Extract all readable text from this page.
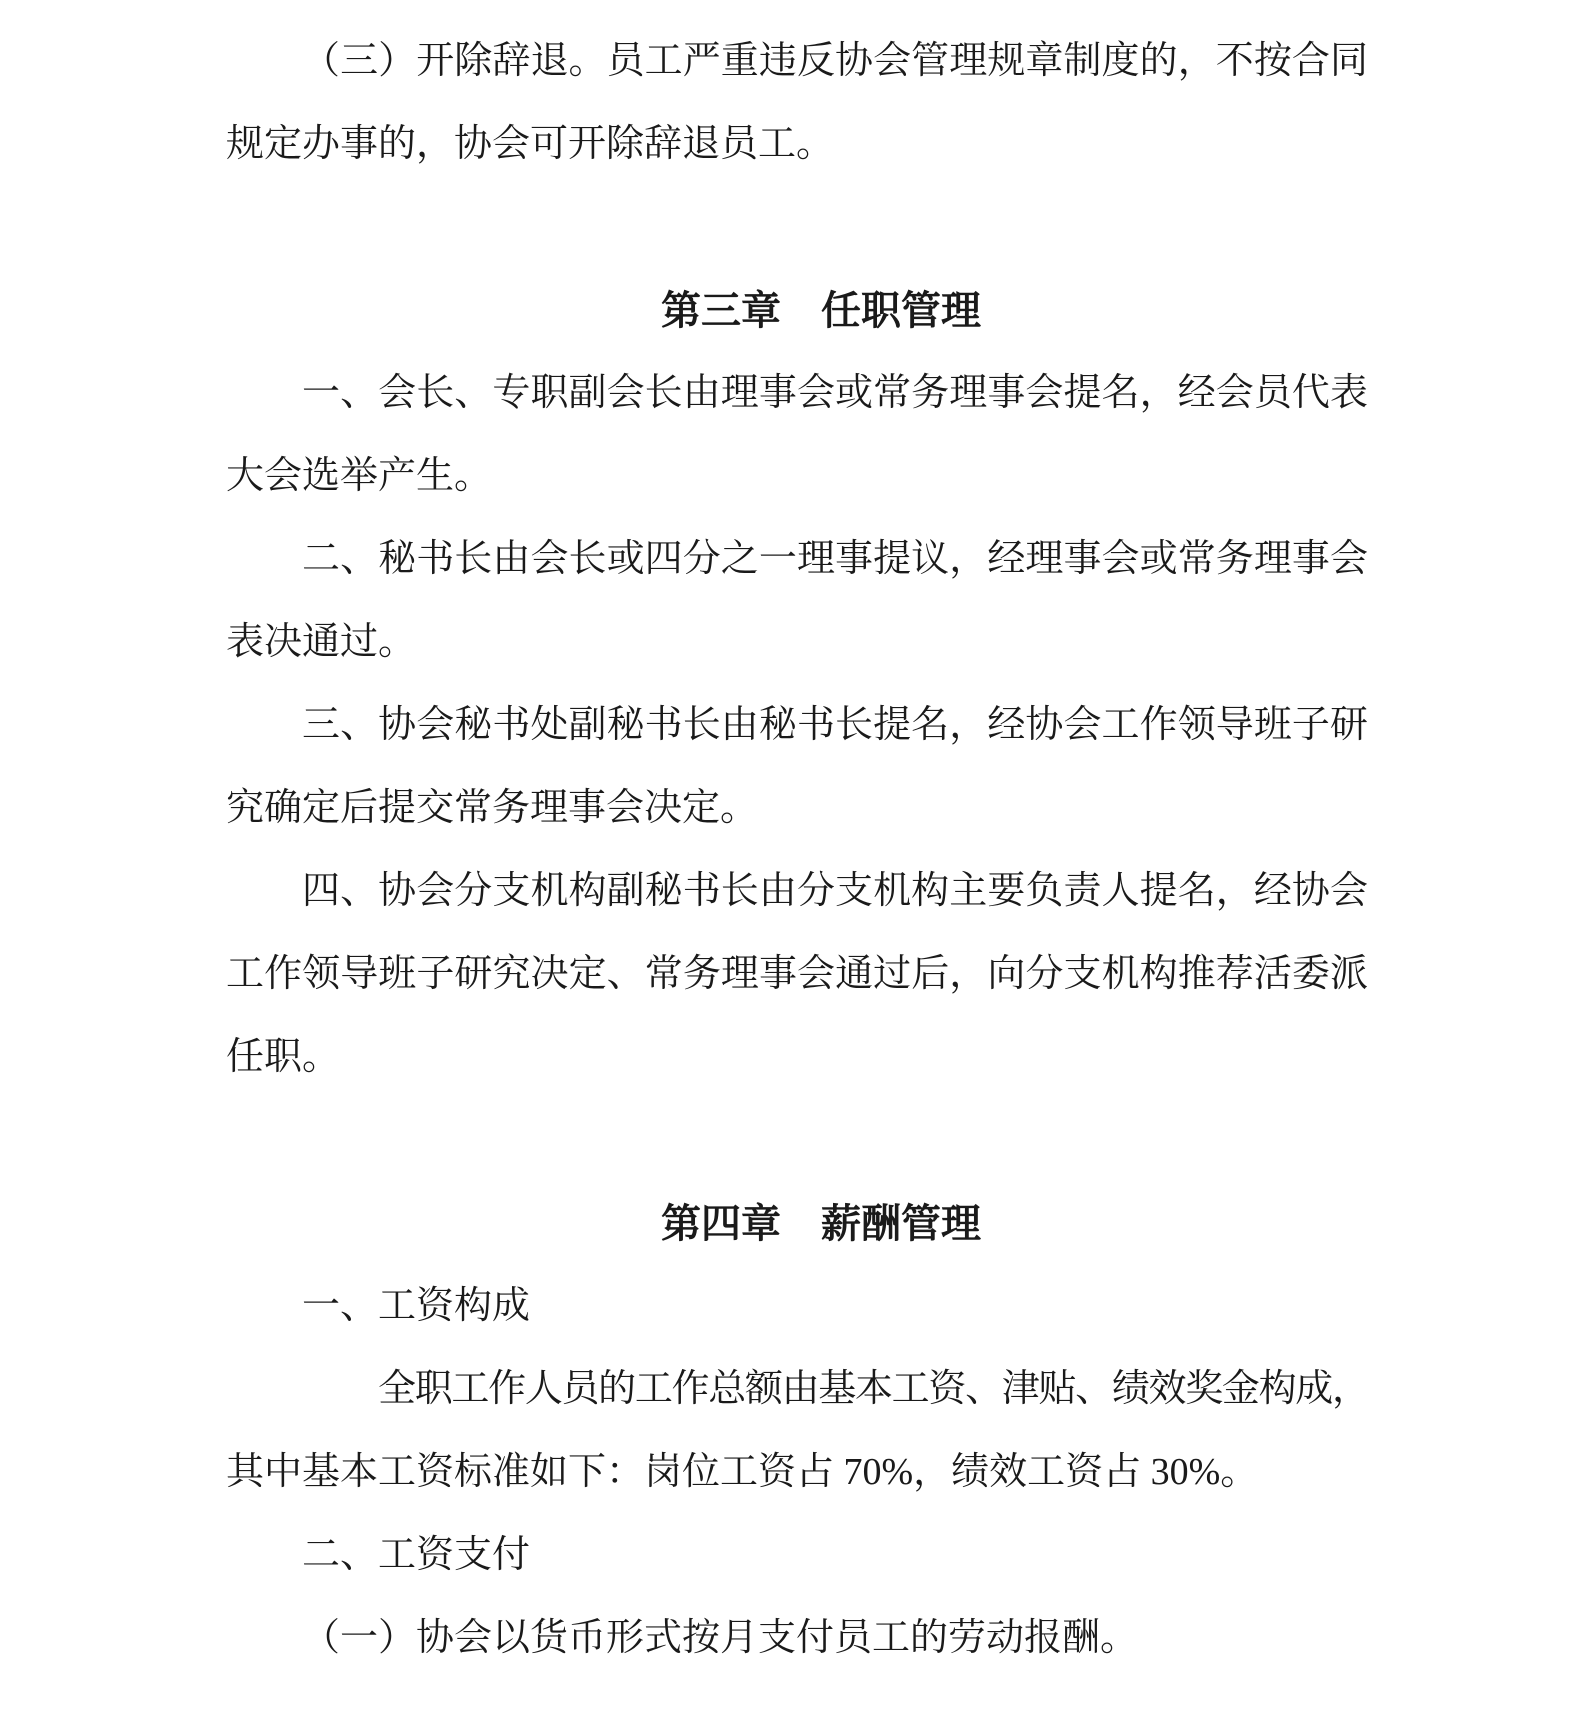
（三）开除辞退。员工严重违反协会管理规章制度的，不按合同
规定办事的，协会可开除辞退员工。
第三章　任职管理
一、会长、专职副会长由理事会或常务理事会提名，经会员代表
大会选举产生。
二、秘书长由会长或四分之一理事提议，经理事会或常务理事会
表决通过。
三、协会秘书处副秘书长由秘书长提名，经协会工作领导班子研
究确定后提交常务理事会决定。
四、协会分支机构副秘书长由分支机构主要负责人提名，经协会
工作领导班子研究决定、常务理事会通过后，向分支机构推荐活委派
任职。
第四章　薪酬管理
一、工资构成
全职工作人员的工作总额由基本工资、津贴、绩效奖金构成，
其中基本工资标准如下：岗位工资占 70%，绩效工资占 30%。
二、工资支付
（一）协会以货币形式按月支付员工的劳动报酬。
